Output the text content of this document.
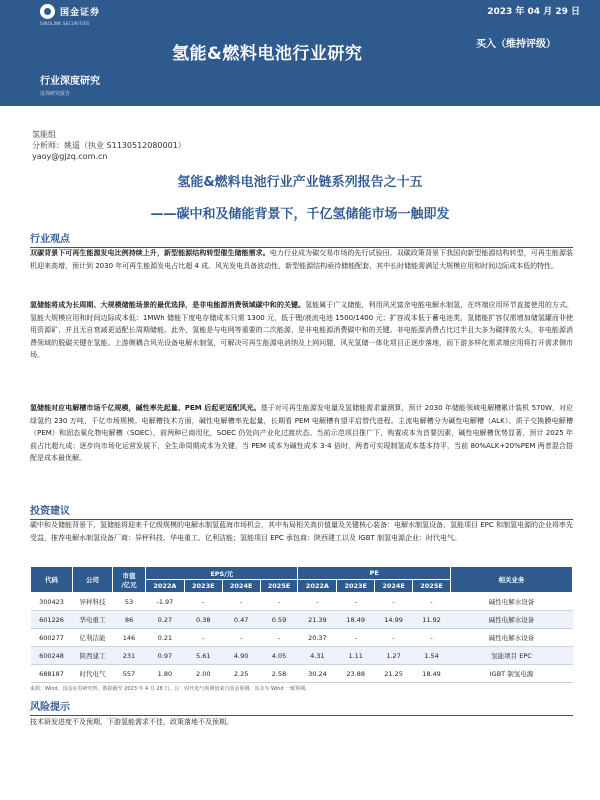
国金证券
SINOLINK SECURITIES
2023 年 04 月 29 日
氢能&燃料电池行业研究	买入（维持评级）
行业深度研究
证券研究报告
氢能组
分析师：姚遥（执业 S1130512080001）
yaoy@gjzq.com.cn
氢能&燃料电池行业产业链系列报告之十五
——碳中和及储能背景下，千亿氢储能市场一触即发
行业观点
双碳背景下可再生能源发电比例持续上升，新型能源结构转型催生储能需求。电力行业成为碳交易市场的先行试验田，双碳政策背景下我国向新型能源结构转型，可再生能源装机迎来高增，预计到 2030 年可再生能源发电占比超 4 成。风光发电具备波动性，新型能源结构亟待储能配套，其中长时储能需满足大规模应用和时间边际成本低的特性。
氢储能将成为长周期、大规模储能场景的最优选择，是非电能源消费领域碳中和的关键。氢能属于广义储能，利用风光富余电能电解水制氢，在终端应用环节直接使用的方式。氢能大规模应用和时间边际成本低：1MWh 储能下度电存储成本只需 1300 元，低于锂/液流电池 1500/1400 元；扩容成本低于蓄电池类，氢储能扩容仅需增加储氢罐而非使用资源矿，并且无自衰减更适配长周期储能。此外，氢能是与电网等重要的二次能源，是非电能源消费碳中和的关键。非电能源消费占比过半且大多为碳排放大头，非电能源消费领域的脱碳关键在氢能。上游侧耦合风光设备电解水制氢，可解决可再生能源电消纳及上网问题，风光氢储一体化项目正逐步落地，而下游多样化需求端应用将打开需求侧市场。
氢储能对应电解槽市场千亿规模，碱性率先起量、PEM 后起更适配风光。基于对可再生能源发电量及氢储能需求量测算，预计 2030 年储能领域电解槽累计装机 570W，对应绿氢约 230 万吨，千亿市场规模。电解槽技术方面，碱性电解槽率先起量，长期看 PEM 电解槽有望平启替代进程。主流电解槽分为碱性电解槽（ALK）、质子交换膜电解槽（PEM）和固态氧化物电解槽（SOEC），前两种已商用化，SOEC 仍处向产业化过渡状态。当前示范项目推广下，购置成本为首要因素，碱性电解槽优势显著，预计 2025 年前占比超九成；逐步向市场化运营发展下，全生命周期成本为关键，当 PEM 成本为碱性成本 3-4 倍时，两者可实现制氢成本基本持平，当前 80%ALK+20%PEM 两者混合搭配是成本最优解。
投资建议
碳中和及储能背景下，氢储能将迎来千亿级规模的电解水制氢蓝海市场机会，其中布局相关高价值量及关键核心装备：电解水制氢设备、氢能项目 EPC 和制氢电源的企业将率先受益，推荐电解水制氢设备厂商：异秤科技、华电重工、亿利洁能；氢能项目 EPC 承包商：陕西建工以及 IGBT 制氢电源企业：时代电气。
代码	公司	市值
/亿元	EPS/元				PE				相关业务
			2022A	2023E	2024E	2025E	2022A	2023E	2024E	2025E	
300423	异秤科技	53	-1.97	-	-	-	-	-	-	-	碱性电解水设备
601226	华电重工	86	0.27	0.38	0.47	0.59	21.39	18.49	14.99	11.92	碱性电解水设备
600277	亿利洁能	146	0.21	-	-	-	20.37	-	-	-	碱性电解水设备
600248	陕西建工	231	0.97	5.61	4.90	4.05	4.31	1.11	1.27	1.54	氢能项目 EPC
688187	时代电气	557	1.80	2.00	2.25	2.58	30.24	23.88	21.25	18.49	IGBT 制氢电源
来源：Wind，国金证券研究所，数据截至 2023 年 4 月 28 日。注：时代电气预测值来自国金预测，其余为 Wind 一致预期。
风险提示
技术研发进度不及预期，下游氢能需求不佳，政策落地不及预期。
